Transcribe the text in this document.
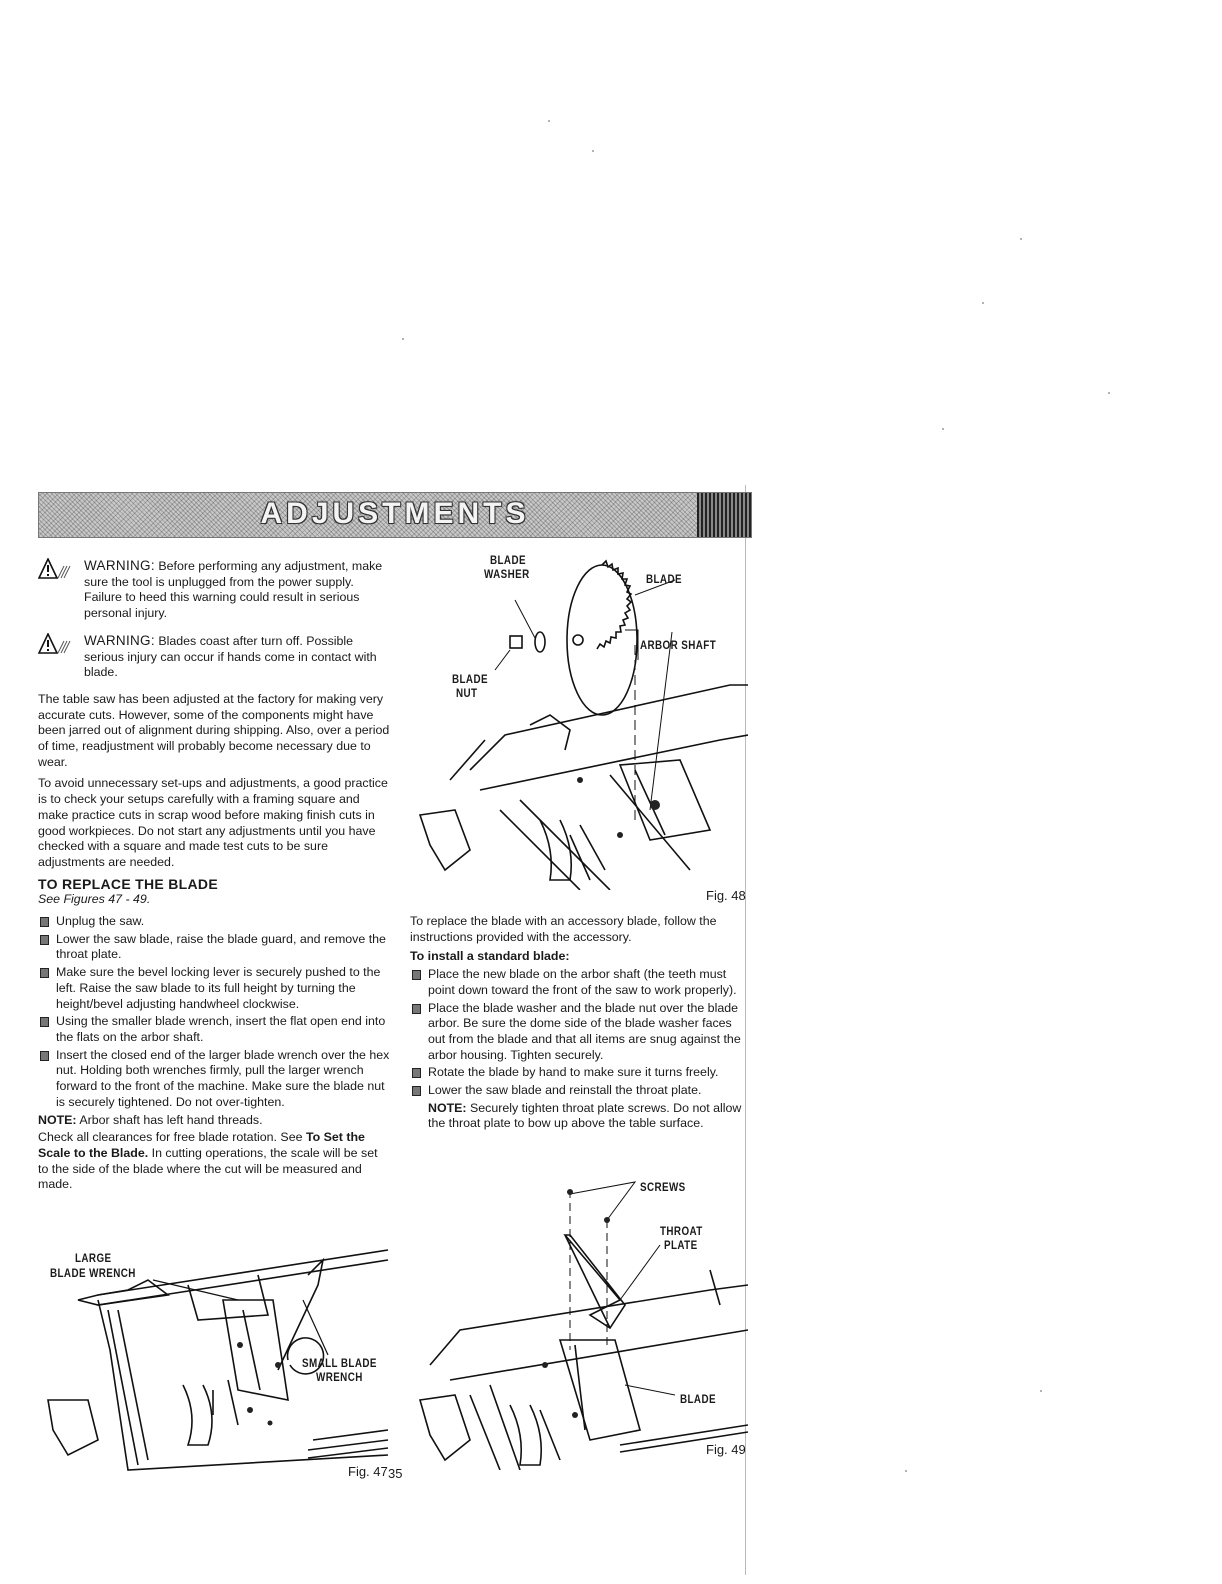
ADJUSTMENTS
WARNING: Before performing any adjustment, make sure the tool is unplugged from the power supply. Failure to heed this warning could result in serious personal injury.
WARNING: Blades coast after turn off. Possible serious injury can occur if hands come in contact with blade.

The table saw has been adjusted at the factory for making very accurate cuts. However, some of the components might have been jarred out of alignment during shipping. Also, over a period of time, readjustment will probably become necessary due to wear.

To avoid unnecessary set-ups and adjustments, a good practice is to check your setups carefully with a framing square and make practice cuts in scrap wood before making finish cuts in good workpieces. Do not start any adjustments until you have checked with a square and made test cuts to be sure adjustments are needed.

TO REPLACE THE BLADE
See Figures 47 - 49.
Unplug the saw.
Lower the saw blade, raise the blade guard, and remove the throat plate.
Make sure the bevel locking lever is securely pushed to the left. Raise the saw blade to its full height by turning the height/bevel adjusting handwheel clockwise.
Using the smaller blade wrench, insert the flat open end into the flats on the arbor shaft.
Insert the closed end of the larger blade wrench over the hex nut. Holding both wrenches firmly, pull the larger wrench forward to the front of the machine. Make sure the blade nut is securely tightened. Do not over-tighten.

NOTE: Arbor shaft has left hand threads.

Check all clearances for free blade rotation. See To Set the Scale to the Blade. In cutting operations, the scale will be set to the side of the blade where the cut will be measured and made.

LARGE
BLADE WRENCH
SMALL BLADE
WRENCH
Fig. 47 35
BLADE
WASHER	BLADE
ARBOR SHAFT
BLADE
NUT
Fig. 48

To replace the blade with an accessory blade, follow the instructions provided with the accessory.

To install a standard blade:
Place the new blade on the arbor shaft (the teeth must point down toward the front of the saw to work properly).
Place the blade washer and the blade nut over the blade arbor. Be sure the dome side of the blade washer faces out from the blade and that all items are snug against the arbor housing. Tighten securely.
Rotate the blade by hand to make sure it turns freely.
Lower the saw blade and reinstall the throat plate.

NOTE: Securely tighten throat plate screws. Do not allow the throat plate to bow up above the table surface.

SCREWS
THROAT
PLATE
BLADE
Fig. 49
